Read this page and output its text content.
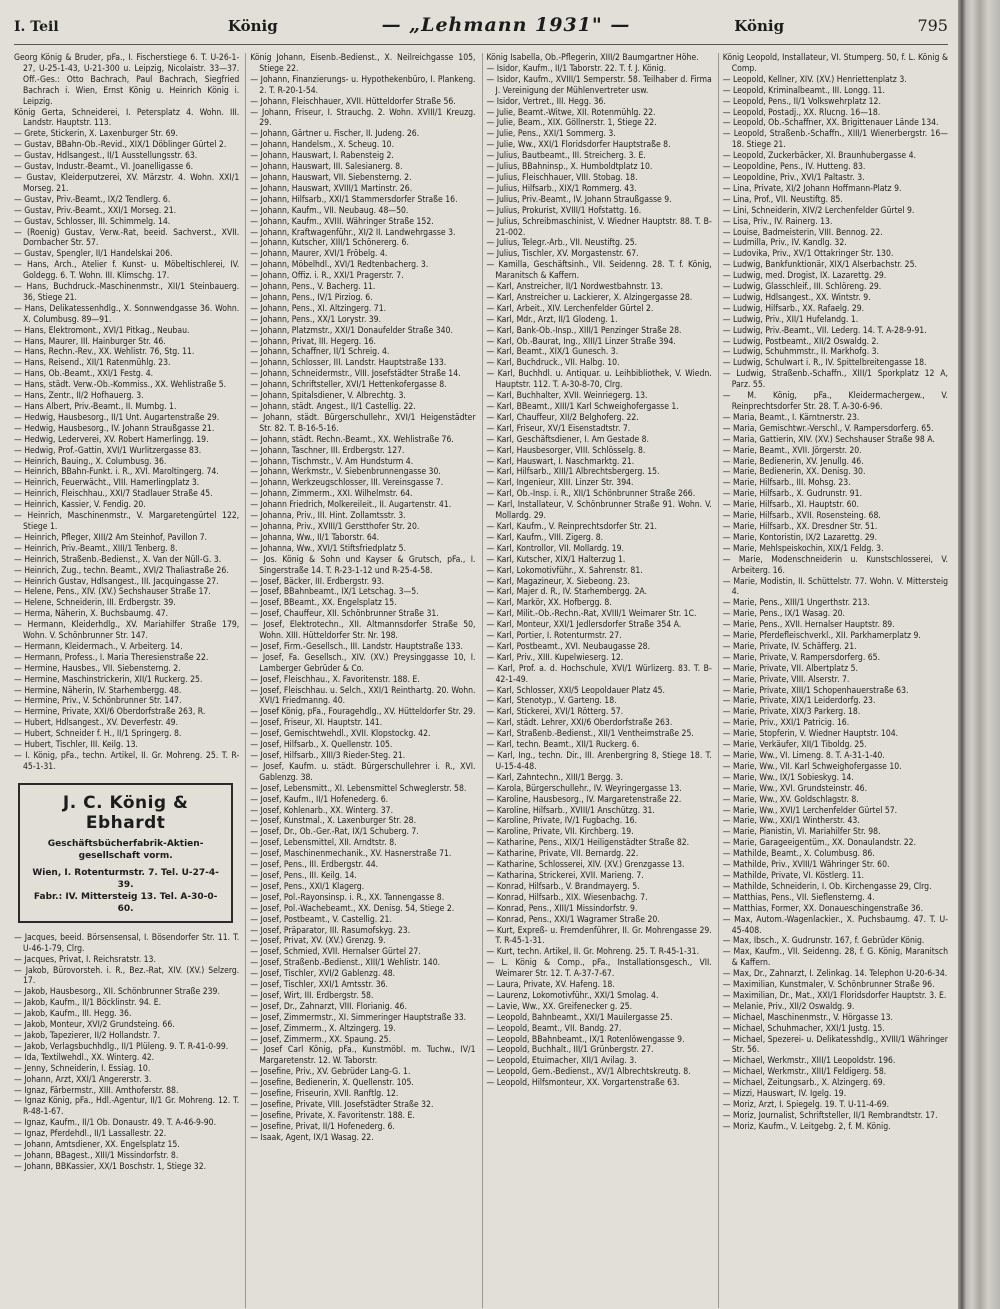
I. Teil	König	— „Lehmann 1931" —	König	795
Georg König & Bruder, pFa., I. Fischerstiege 6. T. U-26-1-27, U-25-1-43, U-21-300 u. Leipzig, Nicolaistr. 33—37. Off.-Ges.: Otto Bachrach, Paul Bachrach, Siegfried Bachrach i. Wien, Ernst König u. Heinrich König i. Leipzig.
König Gerta, Schneiderei, I. Petersplatz 4. Wohn. III. Landstr. Hauptstr. 113.
— Grete, Stickerin, X. Laxenburger Str. 69.
— Gustav, BBahn-Ob.-Revid., XIX/1 Döblinger Gürtel 2.
— Gustav, Hdlsangest., II/1 Ausstellungsstr. 63.
— Gustav, Industr.-Beamt., VI. Joanelligasse 6.
— Gustav, Kleiderputzerei, XV. Märzstr. 4. Wohn. XXI/1 Morseg. 21.
— Gustav, Priv.-Beamt., IX/2 Tendlerg. 6.
— Gustav, Priv.-Beamt., XXI/1 Morseg. 21.
— Gustav, Schlosser, III. Schimmelg. 14.
— (Roenig) Gustav, Verw.-Rat, beeid. Sachverst., XVII. Dornbacher Str. 57.
— Gustav, Spengler, II/1 Handelskai 206.
— Hans, Arch., Atelier f. Kunst- u. Möbeltischlerei, IV. Goldegg. 6. T. Wohn. III. Klimschg. 17.
— Hans, Buchdruck.-Maschinenmstr., XII/1 Steinbauerg. 36, Stiege 21.
— Hans, Delikatessenhdlg., X. Sonnwendgasse 36. Wohn. X. Columbusg. 89—91.
— Hans, Elektromont., XVI/1 Pitkag., Neubau.
— Hans, Maurer, III. Hainburger Str. 46.
— Hans, Rechn.-Rev., XX. Wehlistr. 76, Stg. 11.
— Hans, Reisend., XII/1 Ratenmühlg. 23.
— Hans, Ob.-Beamt., XXI/1 Festg. 4.
— Hans, städt. Verw.-Ob.-Kommiss., XX. Wehlistraße 5.
— Hans, Zentr., II/2 Hofhauerg. 3.
— Hans Albert, Priv.-Beamt., II. Mumbg. 1.
— Hedwig, Hausbesorg., II/1 Unt. Augartenstraße 29.
— Hedwig, Hausbesorg., IV. Johann Straußgasse 21.
— Hedwig, Lederverei, XV. Robert Hamerlingg. 19.
— Hedwig, Prof.-Gattin, XVI/1 Wurlitzergasse 83.
— Heinrich, Bauing., X. Columbusg. 36.
— Heinrich, BBahn-Funkt. i. R., XVI. Maroltingerg. 74.
— Heinrich, Feuerwächt., VIII. Hamerlingplatz 3.
— Heinrich, Fleischhau., XXI/7 Stadlauer Straße 45.
— Heinrich, Kassier, V. Fendig. 20.
— Heinrich, Maschinenmstr., V. Margaretengürtel 122, Stiege 1.
— Heinrich, Pfleger, XIII/2 Am Steinhof, Pavillon 7.
— Heinrich, Priv.-Beamt., XIII/1 Tenberg. 8.
— Heinrich, Straßenb.-Bedienst., X. Van der Nüll-G. 3.
— Heinrich, Zug., techn. Beamt., XVI/2 Thaliastraße 26.
— Heinrich Gustav, Hdlsangest., III. Jacquingasse 27.
— Helene, Pens., XIV. (XV.) Sechshauser Straße 17.
— Helene, Schneiderin, III. Erdbergstr. 39.
— Herma, Näherin, X. Buchsbaumg. 47.
— Hermann, Kleiderhdlg., XV. Mariahilfer Straße 179, Wohn. V. Schönbrunner Str. 147.
— Hermann, Kleidermach., V. Arbeiterg. 14.
— Hermann, Profess., I. Maria Theresienstraße 22.
— Hermine, Hausbes., VII. Siebensterng. 2.
— Hermine, Maschinstrickerin, XII/1 Ruckerg. 25.
— Hermine, Näherin, IV. Starhembergg. 48.
— Hermine, Priv., V. Schönbrunner Str. 147.
— Hermine, Private, XXI/6 Oberdorfstraße 263, R.
— Hubert, Hdlsangest., XV. Deverfestr. 49.
— Hubert, Schneider f. H., II/1 Springerg. 8.
— Hubert, Tischler, III. Keilg. 13.
— I. König, pFa., techn. Artikel, II. Gr. Mohreng. 25. T. R-45-1-31.
J. C. König & Ebhardt
Geschäftsbücherfabrik-Aktien-
gesellschaft vorm.
Wien, I. Rotenturmstr. 7. Tel. U-27-4-39.
Fabr.: IV. Mittersteig 13. Tel. A-30-0-60.
— Jacques, beeid. Börsensensal, I. Bösendorfer Str. 11. T. U-46-1-79, Clrg.
— Jacques, Privat, I. Reichsratstr. 13.
— Jakob, Bürovorsteh. i. R., Bez.-Rat, XIV. (XV.) Selzerg. 17.
— Jakob, Hausbesorg., XII. Schönbrunner Straße 239.
— Jakob, Kaufm., II/1 Böcklinstr. 94. E.
— Jakob, Kaufm., III. Hegg. 36.
— Jakob, Monteur, XVI/2 Grundsteing. 66.
— Jakob, Tapezierer, II/2 Hollandstr. 7.
— Jakob, Verlagsbuchhdlg., II/1 Plüleng. 9. T. R-41-0-99.
— Ida, Textilwehdl., XX. Winterg. 42.
— Jenny, Schneiderin, I. Essiag. 10.
— Johann, Arzt, XXI/1 Angererstr. 3.
— Ignaz, Färbermstr., XIII. Amthoferstr. 88.
— Ignaz König, pFa., Hdl.-Agentur, II/1 Gr. Mohreng. 12. T. R-48-1-67.
— Ignaz, Kaufm., II/1 Ob. Donaustr. 49. T. A-46-9-90.
— Ignaz, Pferdehdl., II/1 Lassallestr. 22.
— Johann, Amtsdiener, XX. Engelsplatz 15.
— Johann, BBagest., XIII/1 Missindorfstr. 8.
— Johann, BBKassier, XX/1 Boschstr. 1, Stiege 32.
König Johann, Eisenb.-Bedienst., X. Neilreichgasse 105, Stiege 22.
— Johann, Finanzierungs- u. Hypothekenbüro, I. Plankeng. 2. T. R-20-1-54.
— Johann, Fleischhauer, XVII. Hütteldorfer Straße 56.
— Johann, Friseur, I. Strauchg. 2. Wohn. XVIII/1 Kreuzg. 29.
— Johann, Gärtner u. Fischer, II. Judeng. 26.
— Johann, Handelsm., X. Scheug. 10.
— Johann, Hauswart, I. Rabensteig 2.
— Johann, Hauswart, III. Salesianerg. 8.
— Johann, Hauswart, VII. Siebensterng. 2.
— Johann, Hauswart, XVIII/1 Martinstr. 26.
— Johann, Hilfsarb., XXI/1 Stammersdorfer Straße 16.
— Johann, Kaufm., VII. Neubaug. 48—50.
— Johann, Kaufm., XVIII. Währinger Straße 152.
— Johann, Kraftwagenführ., XI/2 II. Landwehrgasse 3.
— Johann, Kutscher, XIII/1 Schönererg. 6.
— Johann, Maurer, XVI/1 Fröbelg. 4.
— Johann, Möbelhdl., XVI/1 Redtenbacherg. 3.
— Johann, Offiz. i. R., XXI/1 Pragerstr. 7.
— Johann, Pens., V. Bacherg. 11.
— Johann, Pens., IV/1 Pirziog. 6.
— Johann, Pens., XI. Altzingerg. 71.
— Johann, Pens., XX/1 Lorystr. 39.
— Johann, Platzmstr., XXI/1 Donaufelder Straße 340.
— Johann, Privat, III. Hegerg. 16.
— Johann, Schaffner, II/1 Schreig. 4.
— Johann, Schlosser, III. Landstr. Hauptstraße 133.
— Johann, Schneidermstr., VIII. Josefstädter Straße 14.
— Johann, Schriftsteller, XVI/1 Hettenkofergasse 8.
— Johann, Spitalsdiener, V. Albrechtg. 3.
— Johann, städt. Angest., II/1 Castellig. 22.
— Johann, städt. Bürgerschullehr., XVI/1 Heigenstädter Str. 82. T. B-16-5-16.
— Johann, städt. Rechn.-Beamt., XX. Wehlistraße 76.
— Johann, Taschner, III. Erdbergstr. 127.
— Johann, Tischmstr., V. Am Hundsturm 4.
— Johann, Werkmstr., V. Siebenbrunnengasse 30.
— Johann, Werkzeugschlosser, III. Vereinsgasse 7.
— Johann, Zimmerm., XXI. Wilhelmstr. 64.
— Johann Friedrich, Molkereileit., II. Augartenstr. 41.
— Johanna, Priv., III. Hint. Zollamtsstr. 3.
— Johanna, Priv., XVIII/1 Gerstthofer Str. 20.
— Johanna, Ww., II/1 Taborstr. 64.
— Johanna, Ww., XVI/1 Stiftsfriedplatz 5.
— Jos. König & Sohn und Kayser & Grutsch, pFa., I. Singerstraße 14. T. R-23-1-12 und R-25-4-58.
— Josef, Bäcker, III. Erdbergstr. 93.
— Josef, BBahnbeamt., IX/1 Letschag. 3—5.
— Josef, BBeamt., XX. Engelsplatz 15.
— Josef, Chauffeur, XII. Schönbrunner Straße 31.
— Josef, Elektrotechn., XII. Altmannsdorfer Straße 50, Wohn. XIII. Hütteldorfer Str. Nr. 198.
— Josef, Firm.-Gesellsch., III. Landstr. Hauptstraße 133.
— Josef, Fa. Gesellsch., XIV. (XV.) Preysinggasse 10, I. Lamberger Gebrüder & Co.
— Josef, Fleischhau., X. Favoritenstr. 188. E.
— Josef, Fleischhau. u. Selch., XXI/1 Reinthartg. 20. Wohn. XVI/1 Friedmanng. 40.
— Josef König, pFa., Fouragehdlg., XV. Hütteldorfer Str. 29.
— Josef, Friseur, XI. Hauptstr. 141.
— Josef, Gemischtwehdl., XVII. Klopstockg. 42.
— Josef, Hilfsarb., X. Quellenstr. 105.
— Josef, Hilfsarb., XIII/3 Rieder-Steg. 21.
— Josef, Kaufm. u. städt. Bürgerschullehrer i. R., XVI. Gablenzg. 38.
— Josef, Lebensmitt., XI. Lebensmittel Schweglerstr. 58.
— Josef, Kaufm., II/1 Hofenederg. 6.
— Josef, Kohlenarb., XX. Winterg. 37.
— Josef, Kunstmal., X. Laxenburger Str. 28.
— Josef, Dr., Ob.-Ger.-Rat, IX/1 Schuberg. 7.
— Josef, Lebensmittel, XII. Arndtstr. 8.
— Josef, Maschinenmechanik., XV. Hasnerstraße 71.
— Josef, Pens., III. Erdbergstr. 44.
— Josef, Pens., III. Keilg. 14.
— Josef, Pens., XXI/1 Klagerg.
— Josef, Pol.-Rayonsinsp. i. R., XX. Tannengasse 8.
— Josef, Pol.-Wachebeamt., XX. Denisg. 54, Stiege 2.
— Josef, Postbeamt., V. Castellig. 21.
— Josef, Präparator, III. Rasumofskyg. 23.
— Josef, Privat, XV. (XV.) Grenzg. 9.
— Josef, Schmied, XVII. Hernalser Gürtel 27.
— Josef, Straßenb.-Bedienst., XIII/1 Wehlistr. 140.
— Josef, Tischler, XVI/2 Gablenzg. 48.
— Josef, Tischler, XXI/1 Amtsstr. 36.
— Josef, Wirt, III. Erdbergstr. 58.
— Josef, Dr., Zahnarzt, VIII. Florianig. 46.
— Josef, Zimmermstr., XI. Simmeringer Hauptstraße 33.
— Josef, Zimmerm., X. Altzingerg. 19.
— Josef, Zimmerm., XX. Spaung. 25.
— Josef Carl König, pFa., Kunstmöbl. m. Tuchw., IV/1 Margaretenstr. 12. W. Taborstr.
— Josefine, Priv., XV. Gebrüder Lang-G. 1.
— Josefine, Bedienerin, X. Quellenstr. 105.
— Josefine, Friseurin, XVII. Ranftlg. 12.
— Josefine, Private, VIII. Josefstädter Straße 32.
— Josefine, Private, X. Favoritenstr. 188. E.
— Josefine, Privat, II/1 Hofenederg. 6.
— Isaak, Agent, IX/1 Wasag. 22.
König Isabella, Ob.-Pflegerin, XIII/2 Baumgartner Höhe.
— Isidor, Kaufm., II/1 Taborstr. 22. T. f. J. König.
— Isidor, Kaufm., XVIII/1 Semperstr. 58. Teilhaber d. Firma J. Vereinigung der Mühlenvertreter usw.
— Isidor, Vertret., III. Hegg. 36.
— Julie, Beamt.-Witwe, XII. Rotenmühlg. 22.
— Julie, Beam., XIX. Göllnerstr. 1, Stiege 22.
— Julie, Pens., XXI/1 Sommerg. 3.
— Julie, Ww., XXI/1 Floridsdorfer Hauptstraße 8.
— Julius, Bautbeamt., III. Streicherg. 3. E.
— Julius, BBahninsp., X. Humboldtplatz 10.
— Julius, Fleischhauer, VIII. Stobag. 18.
— Julius, Hilfsarb., XIX/1 Rommerg. 43.
— Julius, Priv.-Beamt., IV. Johann Straußgasse 9.
— Julius, Prokurist, XVIII/1 Hofstattg. 16.
— Julius, Schreibmaschinist, V. Wiedner Hauptstr. 88. T. B-21-002.
— Julius, Telegr.-Arb., VII. Neustiftg. 25.
— Julius, Tischler, XV. Morgastenstr. 67.
— Kamilla, Geschäftsinh., VII. Seidenng. 28. T. f. König, Maranitsch & Kaffern.
— Karl, Anstreicher, II/1 Nordwestbahnstr. 13.
— Karl, Anstreicher u. Lackierer, X. Alzingergasse 28.
— Karl, Arbeit., XIV. Lerchenfelder Gürtel 2.
— Karl, Mdr., Arzt, II/1 Glodeng. 1.
— Karl, Bank-Ob.-Insp., XIII/1 Penzinger Straße 28.
— Karl, Ob.-Baurat, Ing., XIII/1 Linzer Straße 394.
— Karl, Beamt., XIX/1 Gunesch. 3.
— Karl, Buchdruck., VII. Halbg. 10.
— Karl, Buchhdl. u. Antiquar. u. Leihbibliothek, V. Wiedn. Hauptstr. 112. T. A-30-8-70, Clrg.
— Karl, Buchhalter, XVII. Weinriegerg. 13.
— Karl, BBeamt., XIII/1 Karl Schweighofergasse 1.
— Karl, Chauffeur, XII/2 Belghoferg. 22.
— Karl, Friseur, XV/1 Eisenstadtstr. 7.
— Karl, Geschäftsdiener, I. Am Gestade 8.
— Karl, Hausbesorger, VIII. Schlösselg. 8.
— Karl, Hauswart, I. Naschmarktg. 21.
— Karl, Hilfsarb., XIII/1 Albrechtsbergerg. 15.
— Karl, Ingenieur, XIII. Linzer Str. 394.
— Karl, Ob.-Insp. i. R., XII/1 Schönbrunner Straße 266.
— Karl, Installateur, V. Schönbrunner Straße 91. Wohn. V. Mollardg. 29.
— Karl, Kaufm., V. Reinprechtsdorfer Str. 21.
— Karl, Kaufm., VIII. Zigerg. 8.
— Karl, Kontrollor, VII. Mollardg. 19.
— Karl, Kutscher, XIX/1 Halterzug 1.
— Karl, Lokomotivführ., X. Sahrenstr. 81.
— Karl, Magazineur, X. Siebeong. 23.
— Karl, Majer d. R., IV. Starhembergg. 2A.
— Karl, Markör, XX. Hofbergg. 8.
— Karl, Milit.-Ob.-Rechn.-Rat, XVIII/1 Weimarer Str. 1C.
— Karl, Monteur, XXI/1 Jedlersdorfer Straße 354 A.
— Karl, Portier, I. Rotenturmstr. 27.
— Karl, Postbeamt., XVI. Neubaugasse 28.
— Karl, Priv., XIII. Kupelwieserg. 12.
— Karl, Prof. a. d. Hochschule, XVI/1 Würlizerg. 83. T. B-42-1-49.
— Karl, Schlosser, XXI/5 Leopoldauer Platz 45.
— Karl, Stenotyp., V. Garteng. 18.
— Karl, Stickerei, XVI/1 Rötterg. 57.
— Karl, städt. Lehrer, XXI/6 Oberdorfstraße 263.
— Karl, Straßenb.-Bedienst., XII/1 Ventheimstraße 25.
— Karl, techn. Beamt., XII/1 Ruckerg. 6.
— Karl, Ing., techn. Dir., III. Arenbergring 8, Stiege 18. T. U-15-4-48.
— Karl, Zahntechn., XIII/1 Bergg. 3.
— Karola, Bürgerschullehr., IV. Weyringergasse 13.
— Karoline, Hausbesorg., IV. Margaretenstraße 22.
— Karoline, Hilfsarb., XVIII/1 Anschützg. 31.
— Karoline, Private, IV/1 Fugbachg. 16.
— Karoline, Private, VII. Kirchberg. 19.
— Katharine, Pens., XIX/1 Heiligenstädter Straße 82.
— Katharine, Private, VII. Bernardg. 22.
— Katharine, Schlosserei, XIV. (XV.) Grenzgasse 13.
— Katharina, Strickerei, XVII. Marieng. 7.
— Konrad, Hilfsarb., V. Brandmayerg. 5.
— Konrad, Hilfsarb., XIX. Wiesenbachg. 7.
— Konrad, Pens., XIII/1 Missindorfstr. 9.
— Konrad, Pens., XXI/1 Wagramer Straße 20.
— Kurt, Expreß- u. Fremdenführer, II. Gr. Mohrengasse 29. T. R-45-1-31.
— Kurt, techn. Artikel, II. Gr. Mohreng. 25. T. R-45-1-31.
— L. König & Comp., pFa., Installationsgesch., VII. Weimarer Str. 12. T. A-37-7-67.
— Laura, Private, XV. Hafeng. 18.
— Laurenz, Lokomotivführ., XXI/1 Smolag. 4.
— Lavie, Ww., XX. Greifenecker g. 25.
— Leopold, Bahnbeamt., XXI/1 Mauilergasse 25.
— Leopold, Beamt., VII. Bandg. 27.
— Leopold, BBahnbeamt., IX/1 Rotenlöwengasse 9.
— Leopold, Buchhalt., III/1 Grünbergstr. 27.
— Leopold, Etuimacher, XII/1 Avilag. 3.
— Leopold, Gem.-Bedienst., XV/1 Albrechtskreutg. 8.
— Leopold, Hilfsmonteur, XX. Vorgartenstraße 63.
König Leopold, Installateur, VI. Stumperg. 50, f. L. König & Comp.
— Leopold, Kellner, XIV. (XV.) Henriettenplatz 3.
— Leopold, Kriminalbeamt., III. Longg. 11.
— Leopold, Pens., II/1 Volkswehrplatz 12.
— Leopold, Postadj., XX. Rlucng. 16—18.
— Leopold, Ob.-Schaffner, XX. Brigittenauer Lände 134.
— Leopold, Straßenb.-Schaffn., XIII/1 Wienerbergstr. 16—18. Stiege 21.
— Leopold, Zuckerbäcker, XI. Braunhubergasse 4.
— Leopoldine, Pens., IV. Hutteng. 83.
— Leopoldine, Priv., XVI/1 Paltastr. 3.
— Lina, Private, XI/2 Johann Hoffmann-Platz 9.
— Lina, Prof., VII. Neustiftg. 85.
— Lini, Schneiderin, XIV/2 Lerchenfelder Gürtel 9.
— Lisa, Priv., IV. Rainerg. 13.
— Louise, Badmeisterin, VIII. Bennog. 22.
— Ludmilla, Priv., IV. Kandlg. 32.
— Ludovika, Priv., XV/1 Ottakringer Str. 130.
— Ludwig, Bankfunktionär, XIX/1 Alserbachstr. 25.
— Ludwig, med. Drogist, IX. Lazarettg. 29.
— Ludwig, Glasschleif., III. Schlöreng. 29.
— Ludwig, Hdlsangest., XX. Wintstr. 9.
— Ludwig, Hilfsarb., XX. Rafaelg. 29.
— Ludwig, Priv., XII/1 Hufelandg. 1.
— Ludwig, Priv.-Beamt., VII. Lederg. 14. T. A-28-9-91.
— Ludwig, Postbeamt., XII/2 Oswaldg. 2.
— Ludwig, Schuhmmstr., II. Markhofg. 3.
— Ludwig, Schulwart i. R., IV. Spittelbreitengasse 18.
— Ludwig, Straßenb.-Schaffn., XIII/1 Sporkplatz 12 A, Parz. 55.
— M. König, pFa., Kleidermachergew., V. Reinprechtsdorfer Str. 28. T. A-30-6-96.
— Maria, Beamt., I. Kärntnerstr. 23.
— Maria, Gemischtwr.-Verschl., V. Rampersdorferg. 65.
— Maria, Gattierin, XIV. (XV.) Sechshauser Straße 98 A.
— Marie, Beamt., XVII. Jörgerstr. 20.
— Marie, Bedienerin, XV. Jenullg. 46.
— Marie, Bedienerin, XX. Denisg. 30.
— Marie, Hilfsarb., III. Mohsg. 23.
— Marie, Hilfsarb., X. Gudrunstr. 91.
— Marie, Hilfsarb., XI. Hauptstr. 60.
— Marie, Hilfsarb., XVII. Rosensteing. 68.
— Marie, Hilfsarb., XX. Dresdner Str. 51.
— Marie, Kontoristin, IX/2 Lazarettg. 29.
— Marie, Mehlspeiskochin, XIX/1 Feldg. 3.
— Marie, Modenschneiderin u. Kunstschlosserei, V. Arbeiterg. 16.
— Marie, Modistin, II. Schüttelstr. 77. Wohn. V. Mittersteig 4.
— Marie, Pens., XIII/1 Ungerthstr. 213.
— Marie, Pens., IX/1 Wasag. 20.
— Marie, Pens., XVII. Hernalser Hauptstr. 89.
— Marie, Pferdefleischverkl., XII. Parkhamerplatz 9.
— Marie, Private, IV. Schäfferg. 21.
— Marie, Private, V. Rampersdorferg. 65.
— Marie, Private, VII. Albertplatz 5.
— Marie, Private, VIII. Alserstr. 7.
— Marie, Private, XIII/1 Schopenhauerstraße 63.
— Marie, Private, XIX/1 Leiderdorfg. 23.
— Marie, Private, XIX/3 Parkerg. 18.
— Marie, Priv., XXI/1 Patricig. 16.
— Marie, Stopferin, V. Wiedner Hauptstr. 104.
— Marie, Verkäufer, XII/1 Tiboldg. 25.
— Marie, Ww., VI. Limeng. 8. T. A-31-1-40.
— Marie, Ww., VII. Karl Schweighofergasse 10.
— Marie, Ww., IX/1 Sobieskyg. 14.
— Marie, Ww., XVI. Grundsteinstr. 46.
— Marie, Ww., XV. Goldschlagstr. 8.
— Marie, Ww., XVI/1 Lerchenfelder Gürtel 57.
— Marie, Ww., XXI/1 Wintherstr. 43.
— Marie, Pianistin, VI. Mariahilfer Str. 98.
— Marie, Garageeigentüm., XX. Donaulandstr. 22.
— Mathilde, Beamt., X. Columbusg. 86.
— Mathilde, Priv., XVIII/1 Währinger Str. 60.
— Mathilde, Private, VI. Köstlerg. 11.
— Mathilde, Schneiderin, I. Ob. Kirchengasse 29, Clrg.
— Matthias, Pens., VII. Sieflensterng. 4.
— Matthias, Former, XX. Donaueschingenstraße 36.
— Max, Autom.-Wagenlackier., X. Puchsbaumg. 47. T. U-45-408.
— Max, Ibsch., X. Gudrunstr. 167, f. Gebrüder König.
— Max, Kaufm., VII. Seidenng. 28, f. G. König, Maranitsch & Kaffern.
— Max, Dr., Zahnarzt, I. Zelinkag. 14. Telephon U-20-6-34.
— Maximilian, Kunstmaler, V. Schönbrunner Straße 96.
— Maximilian, Dr., Mat., XXI/1 Floridsdorfer Hauptstr. 3. E.
— Melanie, Priv., XII/2 Oswaldg. 9.
— Michael, Maschinenmstr., V. Hörgasse 13.
— Michael, Schuhmacher, XXI/1 Justg. 15.
— Michael, Spezerei- u. Delikatesshdlg., XVIII/1 Währinger Str. 56.
— Michael, Werkmstr., XIII/1 Leopoldstr. 196.
— Michael, Werkmstr., XIII/1 Feldigerg. 58.
— Michael, Zeitungsarb., X. Alzingerg. 69.
— Mizzi, Hauswart, IV. Igelg. 19.
— Moriz, Arzt, I. Spiegelg. 19. T. U-11-4-69.
— Moriz, Journalist, Schriftsteller, II/1 Rembrandtstr. 17.
— Moriz, Kaufm., V. Leitgebg. 2, f. M. König.
